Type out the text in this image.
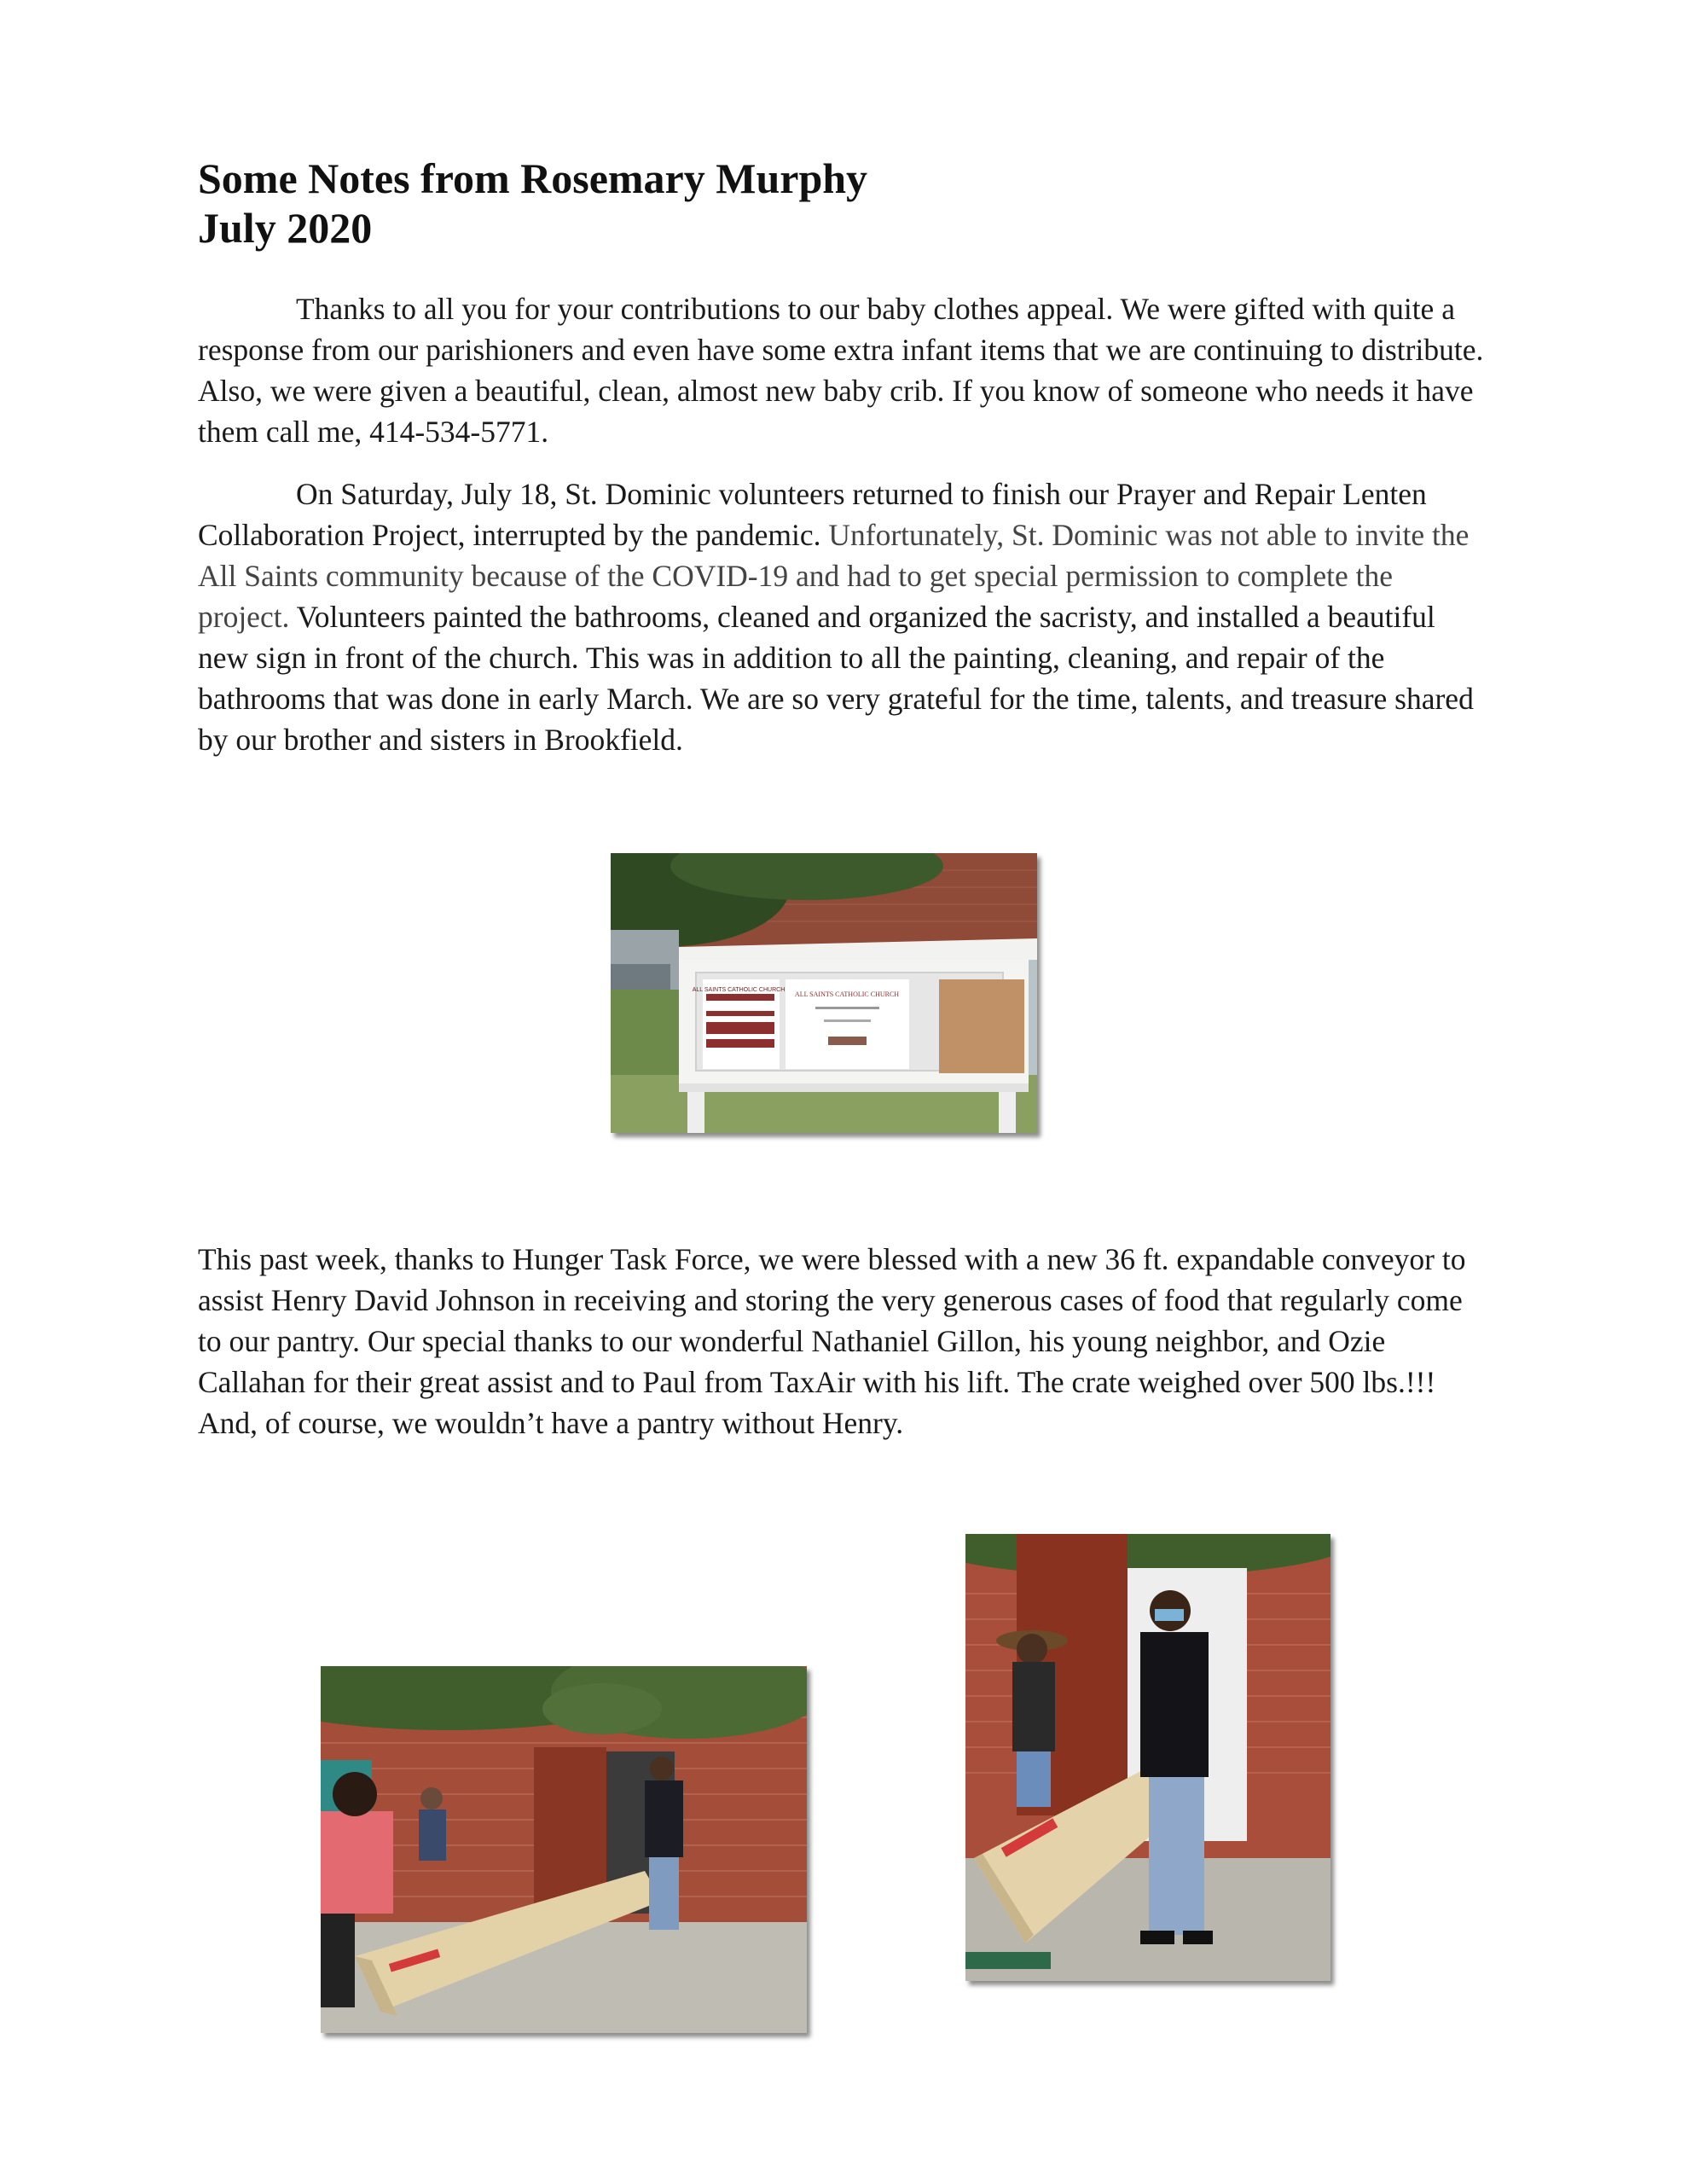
Some Notes from Rosemary Murphy
July 2020

Thanks to all you for your contributions to our baby clothes appeal. We were gifted with quite a response from our parishioners and even have some extra infant items that we are continuing to distribute. Also, we were given a beautiful, clean, almost new baby crib. If you know of someone who needs it have them call me, 414-534-5771.

On Saturday, July 18, St. Dominic volunteers returned to finish our Prayer and Repair Lenten Collaboration Project, interrupted by the pandemic. Unfortunately, St. Dominic was not able to invite the All Saints community because of the COVID-19 and had to get special permission to complete the project. Volunteers painted the bathrooms, cleaned and organized the sacristy, and installed a beautiful new sign in front of the church. This was in addition to all the painting, cleaning, and repair of the bathrooms that was done in early March. We are so very grateful for the time, talents, and treasure shared by our brother and sisters in Brookfield.

ALL SAINTS CATHOLIC CHURCH
ALL SAINTS CATHOLIC CHURCH

This past week, thanks to Hunger Task Force, we were blessed with a new 36 ft. expandable conveyor to assist Henry David Johnson in receiving and storing the very generous cases of food that regularly come to our pantry. Our special thanks to our wonderful Nathaniel Gillon, his young neighbor, and Ozie Callahan for their great assist and to Paul from TaxAir with his lift. The crate weighed over 500 lbs.!!! And, of course, we wouldn’t have a pantry without Henry.
